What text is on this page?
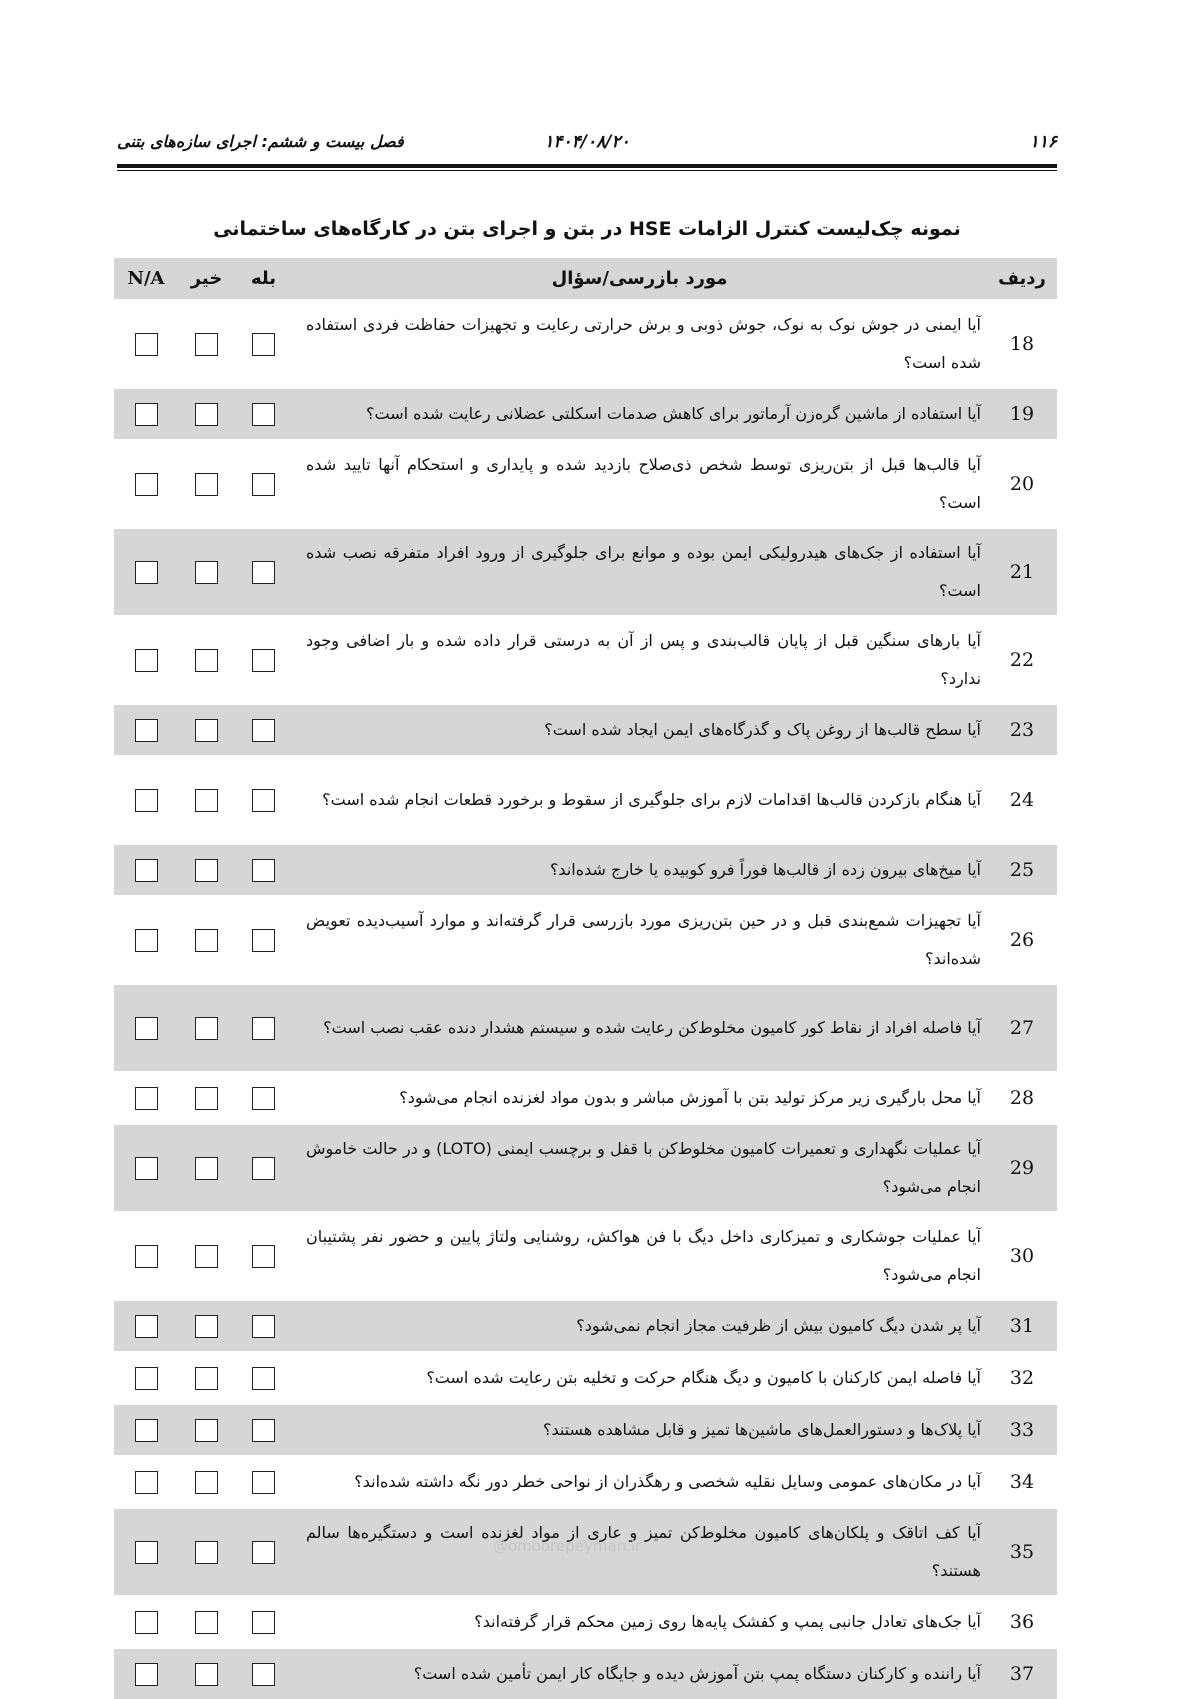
۱۱۶
۱۴۰۴/۰۸/۲۰
فصل بیست و ششم: اجرای سازه‌های بتنی
نمونه چک‌لیست کنترل الزامات HSE در بتن و اجرای بتن در کارگاه‌های ساختمانی
ردیف	مورد بازرسی/سؤال	بله	خیر	N/A
18	آیا ایمنی در جوش نوک به نوک، جوش ذوبی و برش حرارتی رعایت و تجهیزات حفاظت فردی استفاده شده است؟			
19	آیا استفاده از ماشین گره‌زن آرماتور برای کاهش صدمات اسکلتی عضلانی رعایت شده است؟			
20	آیا قالب‌ها قبل از بتن‌ریزی توسط شخص ذی‌صلاح بازدید شده و پایداری و استحکام آنها تایید شده است؟			
21	آیا استفاده از جک‌های هیدرولیکی ایمن بوده و موانع برای جلوگیری از ورود افراد متفرقه نصب شده است؟			
22	آیا بارهای سنگین قبل از پایان قالب‌بندی و پس از آن به درستی قرار داده شده و بار اضافی وجود ندارد؟			
23	آیا سطح قالب‌ها از روغن پاک و گذرگاه‌های ایمن ایجاد شده است؟			
24	آیا هنگام بازکردن قالب‌ها اقدامات لازم برای جلوگیری از سقوط و برخورد قطعات انجام شده است؟			
25	آیا میخ‌های بیرون زده از قالب‌ها فوراً فرو کوبیده یا خارج شده‌اند؟			
26	آیا تجهیزات شمع‌بندی قبل و در حین بتن‌ریزی مورد بازرسی قرار گرفته‌اند و موارد آسیب‌دیده تعویض شده‌اند؟			
27	آیا فاصله افراد از نقاط کور کامیون مخلوط‌کن رعایت شده و سیستم هشدار دنده عقب نصب است؟			
28	آیا محل بارگیری زیر مرکز تولید بتن با آموزش مباشر و بدون مواد لغزنده انجام می‌شود؟			
29	آیا عملیات نگهداری و تعمیرات کامیون مخلوط‌کن با قفل و برچسب ایمنی (LOTO) و در حالت خاموش انجام می‌شود؟			
30	آیا عملیات جوشکاری و تمیزکاری داخل دیگ با فن هواکش، روشنایی ولتاژ پایین و حضور نفر پشتیبان انجام می‌شود؟			
31	آیا پر شدن دیگ کامیون بیش از ظرفیت مجاز انجام نمی‌شود؟			
32	آیا فاصله ایمن کارکنان با کامیون و دیگ هنگام حرکت و تخلیه بتن رعایت شده است؟			
33	آیا پلاک‌ها و دستورالعمل‌های ماشین‌ها تمیز و قابل مشاهده هستند؟			
34	آیا در مکان‌های عمومی وسایل نقلیه شخصی و رهگذران از نواحی خطر دور نگه داشته شده‌اند؟			
35	آیا کف اتاقک و پلکان‌های کامیون مخلوط‌کن تمیز و عاری از مواد لغزنده است و دستگیره‌ها سالم هستند؟			
36	آیا جک‌های تعادل جانبی پمپ و کفشک پایه‌ها روی زمین محکم قرار گرفته‌اند؟			
37	آیا راننده و کارکنان دستگاه پمپ بتن آموزش دیده و جایگاه کار ایمن تأمین شده است؟			
@omoorepeyman.ir
